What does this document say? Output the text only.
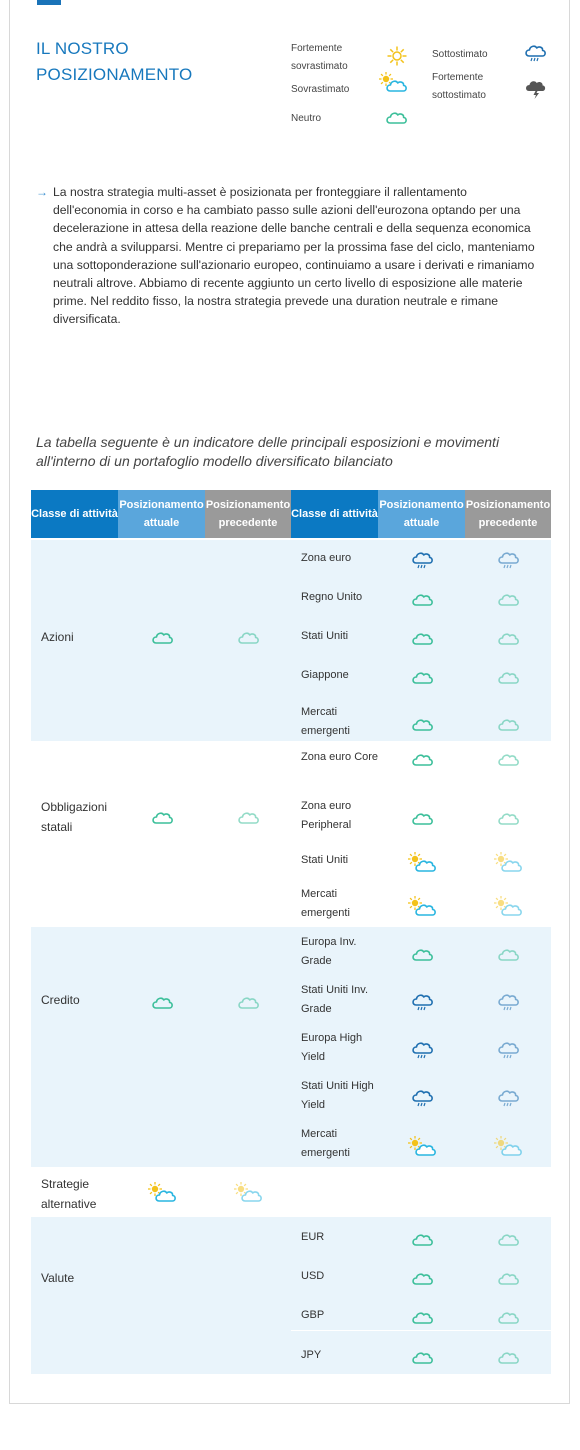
IL NOSTRO POSIZIONAMENTO
Fortemente sovrastimato
Sovrastimato
Neutro
Sottostimato
Fortemente sottostimato
→ La nostra strategia multi-asset è posizionata per fronteggiare il rallentamento dell'economia in corso e ha cambiato passo sulle azioni dell'eurozona optando per una decelerazione in attesa della reazione delle banche centrali e della sequenza economica che andrà a svilupparsi. Mentre ci prepariamo per la prossima fase del ciclo, manteniamo una sottoponderazione sull'azionario europeo, continuiamo a usare i derivati e rimaniamo neutrali altrove. Abbiamo di recente aggiunto un certo livello di esposizione alle materie prime. Nel reddito fisso, la nostra strategia prevede una duration neutrale e rimane diversificata.
La tabella seguente è un indicatore delle principali esposizioni e movimenti all'interno di un portafoglio modello diversificato bilanciato
Classe di attività
Posizionamento attuale
Posizionamento precedente
Classe di attività
Posizionamento attuale
Posizionamento precedente
Azioni
Zona euro
Regno Unito
Stati Uniti
Giappone
Mercati emergenti
Obbligazioni statali
Zona euro Core
Zona euro Peripheral
Stati Uniti
Mercati emergenti
Credito
Europa Inv. Grade
Stati Uniti Inv. Grade
Europa High Yield
Stati Uniti High Yield
Mercati emergenti
Strategie alternative
Valute
EUR
USD
GBP
JPY
